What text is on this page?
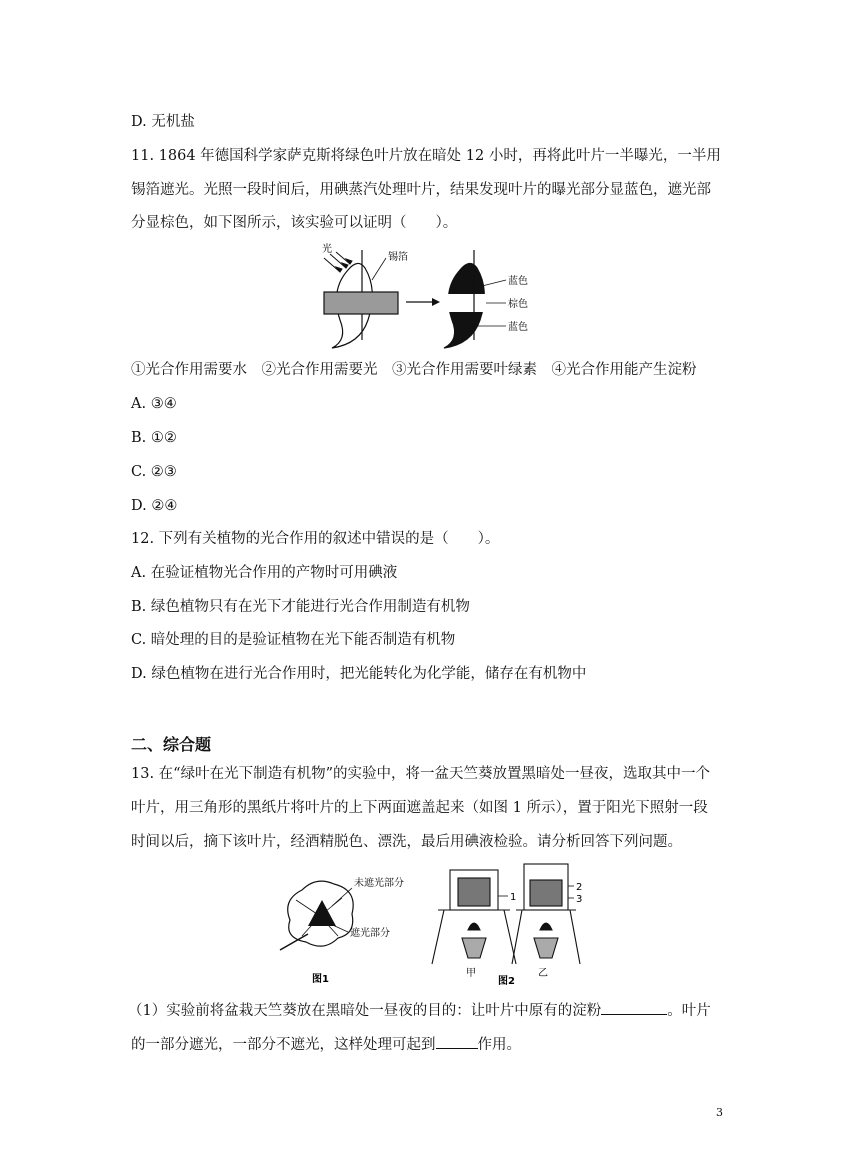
D. 无机盐
11. 1864 年德国科学家萨克斯将绿色叶片放在暗处 12 小时，再将此叶片一半曝光，一半用
锡箔遮光。光照一段时间后，用碘蒸汽处理叶片，结果发现叶片的曝光部分显蓝色，遮光部
分显棕色，如下图所示，该实验可以证明（　　）。
光
锡箔
蓝色
棕色
蓝色
①光合作用需要水　②光合作用需要光　③光合作用需要叶绿素　④光合作用能产生淀粉
A. ③④
B. ①②
C. ②③
D. ②④
12. 下列有关植物的光合作用的叙述中错误的是（　　）。
A. 在验证植物光合作用的产物时可用碘液
B. 绿色植物只有在光下才能进行光合作用制造有机物
C. 暗处理的目的是验证植物在光下能否制造有机物
D. 绿色植物在进行光合作用时，把光能转化为化学能，储存在有机物中
二、综合题
13. 在“绿叶在光下制造有机物”的实验中，将一盆天竺葵放置黑暗处一昼夜，选取其中一个
叶片，用三角形的黑纸片将叶片的上下两面遮盖起来（如图 1 所示），置于阳光下照射一段
时间以后，摘下该叶片，经酒精脱色、漂洗，最后用碘液检验。请分析回答下列问题。
未遮光部分
遮光部分
图1
1
2
3
甲	乙
图2
（1）实验前将盆栽天竺葵放在黑暗处一昼夜的目的：让叶片中原有的淀粉	。叶片
的一部分遮光，一部分不遮光，这样处理可起到	作用。
3
